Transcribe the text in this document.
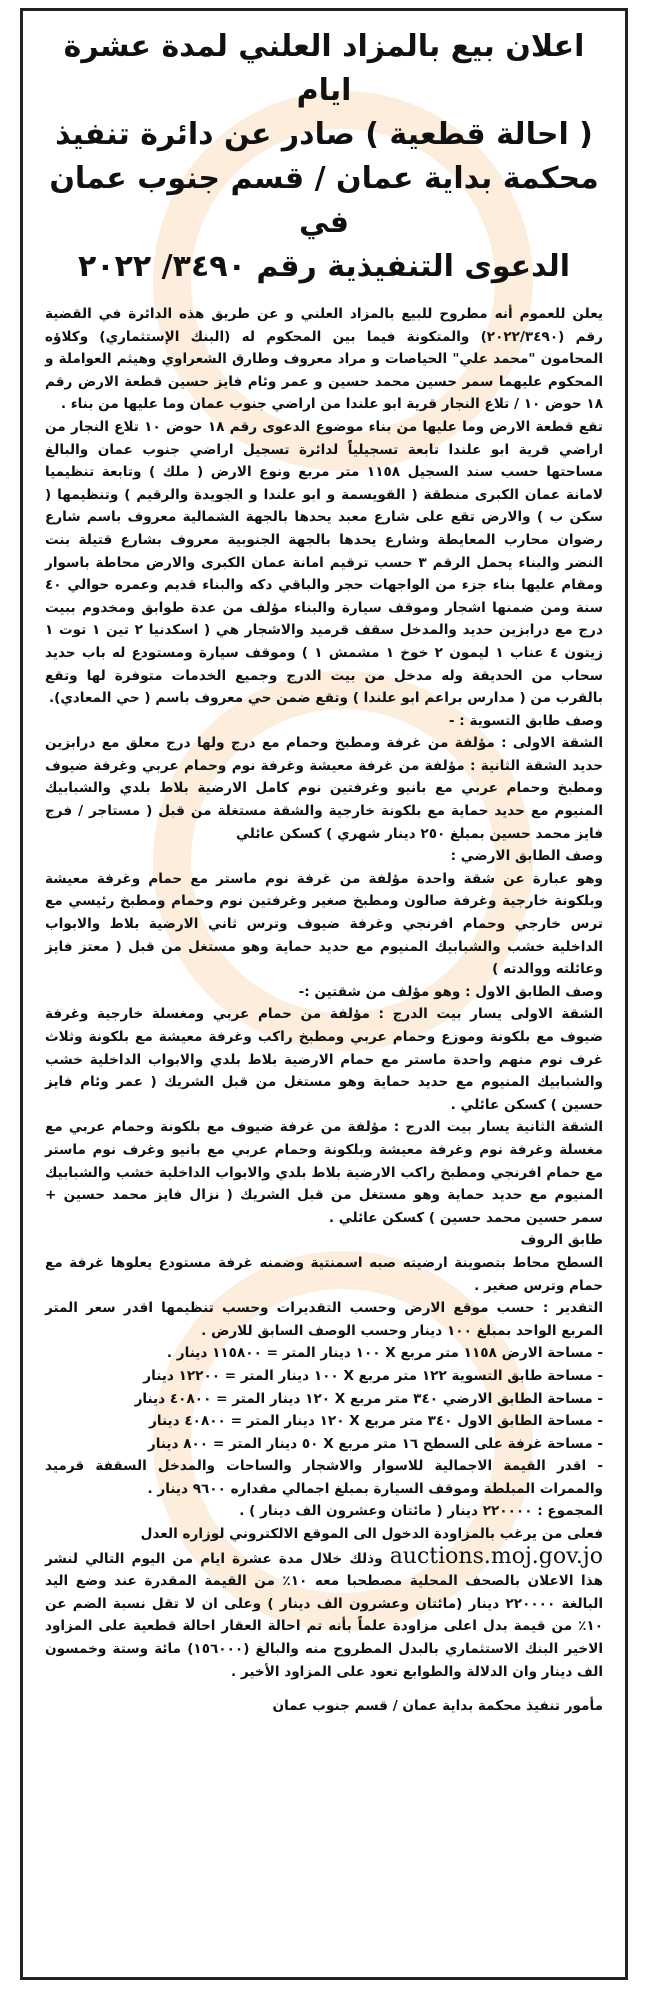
اعلان بيع بالمزاد العلني لمدة عشرة ايام
( احالة قطعية ) صادر عن دائرة تنفيذ
محكمة بداية عمان / قسم جنوب عمان في
الدعوى التنفيذية رقم ٣٤٩٠/ ٢٠٢٢

يعلن للعموم أنه مطروح للبيع بالمزاد العلني و عن طريق هذه الدائرة في القضية رقم (٢٠٢٢/٣٤٩٠) والمتكونة فيما بين المحكوم له (البنك الإستثماري) وكلاؤه المحامون "محمد علي" الحياصات و مراد معروف وطارق الشعراوي وهيثم العواملة و المحكوم عليهما سمر حسين محمد حسين و عمر وئام فايز حسين قطعة الارض رقم ١٨ حوض ١٠ / تلاع النجار قرية ابو علندا من اراضي جنوب عمان وما عليها من بناء .

تقع قطعة الارض وما عليها من بناء موضوع الدعوى رقم ١٨ حوض ١٠ تلاع النجار من اراضي قرية ابو علندا تابعة تسجيلياً لدائرة تسجيل اراضي جنوب عمان والبالغ مساحتها حسب سند السجيل ١١٥٨ متر مربع ونوع الارض ( ملك ) وتابعة تنظيميا لامانة عمان الكبرى منطقة ( القويسمة و ابو علندا و الجويدة والرقيم ) وتنظيمها ( سكن ب ) والارض تقع على شارع معبد يحدها بالجهة الشمالية معروف باسم شارع رضوان محارب المعايطة وشارع يحدها بالجهة الجنوبية معروف بشارع قتيلة بنت النضر والبناء يحمل الرقم ٣ حسب ترقيم امانة عمان الكبرى والارض محاطة باسوار ومقام عليها بناء جزء من الواجهات حجر والباقي دكه والبناء قديم وعمره حوالي ٤٠ سنة ومن ضمنها اشجار وموقف سيارة والبناء مؤلف من عدة طوابق ومخدوم ببيت درج مع درابزين حديد والمدخل سقف قرميد والاشجار هي ( اسكدنيا ٢ تين ١ توت ١ زيتون ٤ عناب ١ ليمون ٢ خوخ ١ مشمش ١ ) وموقف سيارة ومستودع له باب حديد سحاب من الحديقة وله مدخل من بيت الدرج وجميع الخدمات متوفرة لها وتقع بالقرب من ( مدارس براعم ابو علندا ) وتقع ضمن حي معروف باسم ( حي المعادي).

وصف طابق التسوية : -

الشقة الاولى : مؤلفة من غرفة ومطبخ وحمام مع درج ولها درج معلق مع درابزين حديد الشقة الثانية : مؤلفة من غرفة معيشة وغرفة نوم وحمام عربي وغرفة ضيوف ومطبخ وحمام عربي مع بانيو وغرفتين نوم كامل الارضية بلاط بلدي والشبابيك المنيوم مع حديد حماية مع بلكونة خارجية والشقة مستغلة من قبل ( مستاجر / فرج فايز محمد حسين بمبلغ ٢٥٠ دينار شهري ) كسكن عائلي

وصف الطابق الارضي :

وهو عبارة عن شقة واحدة مؤلفة من غرفة نوم ماستر مع حمام وغرفة معيشة وبلكونة خارجية وغرفة صالون ومطبخ صغير وغرفتين نوم وحمام ومطبخ رئيسي مع ترس خارجي وحمام افرنجي وغرفة ضيوف وترس ثاني الارضية بلاط والابواب الداخلية خشب والشبابيك المنيوم مع حديد حماية وهو مستغل من قبل ( معتز فايز وعائلته ووالدته )

وصف الطابق الاول : وهو مؤلف من شقتين :-

الشقة الاولى يسار بيت الدرج : مؤلفة من حمام عربي ومغسلة خارجية وغرفة ضيوف مع بلكونة وموزع وحمام عربي ومطبخ راكب وغرفة معيشة مع بلكونة وثلاث غرف نوم منهم واحدة ماستر مع حمام الارضية بلاط بلدي والابواب الداخلية خشب والشبابيك المنيوم مع حديد حماية وهو مستغل من قبل الشريك ( عمر وئام فايز حسين ) كسكن عائلي .

الشقة الثانية يسار بيت الدرج : مؤلفة من غرفة ضيوف مع بلكونة وحمام عربي مع مغسلة وغرفة نوم وغرفة معيشة وبلكونة وحمام عربي مع بانيو وغرف نوم ماستر مع حمام افرنجي ومطبخ راكب الارضية بلاط بلدي والابواب الداخلية خشب والشبابيك المنيوم مع حديد حماية وهو مستغل من قبل الشريك ( نزال فايز محمد حسين + سمر حسين محمد حسين ) كسكن عائلي .

طابق الروف

السطح محاط بتصوينة ارضيته صبه اسمنتية وضمنه غرفة مستودع يعلوها غرفة مع حمام وترس صغير .

التقدير : حسب موقع الارض وحسب التقديرات وحسب تنظيمها اقدر سعر المتر المربع الواحد بمبلغ ١٠٠ دينار وحسب الوصف السابق للارض .

- مساحة الارض ١١٥٨ متر مربع X ١٠٠ دينار المتر = ١١٥٨٠٠ دينار .

- مساحة طابق التسوية ١٢٢ متر مربع X ١٠٠ دينار المتر = ١٢٢٠٠ دينار

- مساحة الطابق الارضي ٣٤٠ متر مربع X ١٢٠ دينار المتر = ٤٠٨٠٠ دينار

- مساحة الطابق الاول ٣٤٠ متر مربع X ١٢٠ دينار المتر = ٤٠٨٠٠ دينار

- مساحة غرفة على السطح ١٦ متر مربع X ٥٠ دينار المتر = ٨٠٠ دينار

- اقدر القيمة الاجمالية للاسوار والاشجار والساحات والمدخل السقفة قرميد والممرات المبلطة وموقف السيارة بمبلغ اجمالي مقداره ٩٦٠٠ دينار .

المجموع : ٢٢٠٠٠٠ دينار ( مائتان وعشرون الف دينار ) .

فعلى من يرغب بالمزاودة الدخول الى الموقع الالكتروني لوزاره العدل

auctions.moj.gov.jo وذلك خلال مدة عشرة ايام من اليوم التالي لنشر هذا الاعلان بالصحف المحلية مصطحبا معه ١٠٪ من القيمة المقدرة عند وضع اليد البالغة ٢٢٠٠٠٠ دينار (مائتان وعشرون الف دينار ) وعلى ان لا تقل نسبة الضم عن ١٠٪ من قيمة بدل اعلى مزاودة علماً بأنه تم احالة العقار احالة قطعية على المزاود الاخير البنك الاستثماري بالبدل المطروح منه والبالغ (١٥٦٠٠٠) مائة وستة وخمسون الف دينار وان الدلالة والطوابع تعود على المزاود الأخير .

مأمور تنفيذ محكمة بداية عمان / قسم جنوب عمان
